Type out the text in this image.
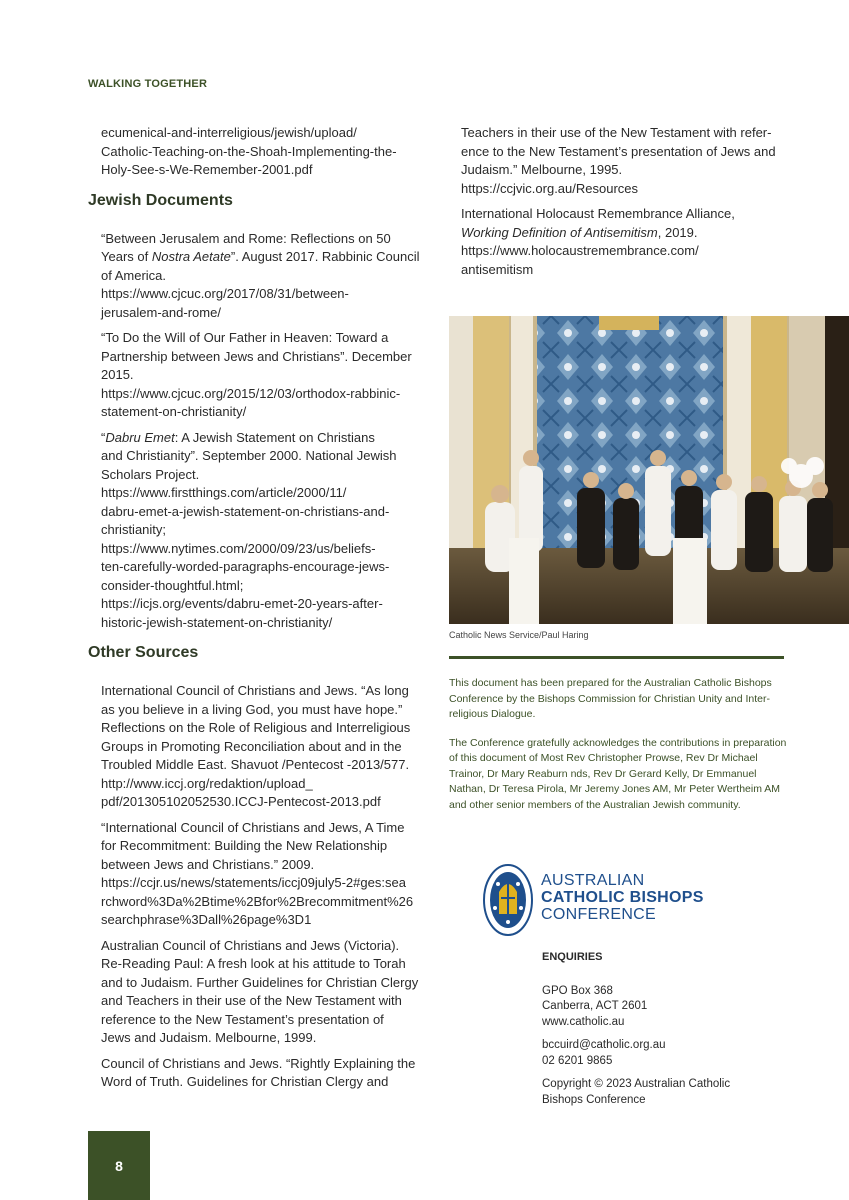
WALKING TOGETHER
ecumenical-and-interreligious/jewish/upload/
Catholic-Teaching-on-the-Shoah-Implementing-the-
Holy-See-s-We-Remember-2001.pdf
Jewish Documents
“Between Jerusalem and Rome: Reflections on 50
Years of Nostra Aetate”. August 2017. Rabbinic Council
of America.
https://www.cjcuc.org/2017/08/31/between-
jerusalem-and-rome/
“To Do the Will of Our Father in Heaven: Toward a
Partnership between Jews and Christians”. December
2015.
https://www.cjcuc.org/2015/12/03/orthodox-rabbinic-
statement-on-christianity/
“Dabru Emet: A Jewish Statement on Christians
and Christianity”. September 2000. National Jewish
Scholars Project.
https://www.firstthings.com/article/2000/11/
dabru-emet-a-jewish-statement-on-christians-and-
christianity;
https://www.nytimes.com/2000/09/23/us/beliefs-
ten-carefully-worded-paragraphs-encourage-jews-
consider-thoughtful.html;
https://icjs.org/events/dabru-emet-20-years-after-
historic-jewish-statement-on-christianity/
Other Sources
International Council of Christians and Jews. “As long
as you believe in a living God, you must have hope.”
Reflections on the Role of Religious and Interreligious
Groups in Promoting Reconciliation about and in the
Troubled Middle East. Shavuot /Pentecost -2013/577.
http://www.iccj.org/redaktion/upload_
pdf/201305102052530.ICCJ-Pentecost-2013.pdf
“International Council of Christians and Jews, A Time
for Recommitment: Building the New Relationship
between Jews and Christians.” 2009.
https://ccjr.us/news/statements/iccj09july5-2#ges:sea
rchword%3Da%2Btime%2Bfor%2Brecommitment%26
searchphrase%3Dall%26page%3D1
Australian Council of Christians and Jews (Victoria).
Re-Reading Paul: A fresh look at his attitude to Torah
and to Judaism. Further Guidelines for Christian Clergy
and Teachers in their use of the New Testament with
reference to the New Testament’s presentation of
Jews and Judaism. Melbourne, 1999.
Council of Christians and Jews. “Rightly Explaining the
Word of Truth. Guidelines for Christian Clergy and
Teachers in their use of the New Testament with refer-
ence to the New Testament’s presentation of Jews and
Judaism.” Melbourne, 1995.
https://ccjvic.org.au/Resources
International Holocaust Remembrance Alliance,
Working Definition of Antisemitism, 2019.
https://www.holocaustremembrance.com/
antisemitism
Catholic News Service/Paul Haring

This document has been prepared for the Australian Catholic Bishops Conference by the Bishops Commission for Christian Unity and Inter-religious Dialogue.

The Conference gratefully acknowledges the contributions in preparation of this document of Most Rev Christopher Prowse, Rev Dr Michael Trainor, Dr Mary Reaburn nds, Rev Dr Gerard Kelly, Dr Emmanuel Nathan, Dr Teresa Pirola, Mr Jeremy Jones AM, Mr Peter Wertheim AM and other senior members of the Australian Jewish community.

AUSTRALIAN
CATHOLIC BISHOPS
CONFERENCE
ENQUIRIES

GPO Box 368
Canberra, ACT 2601
www.catholic.au

bccuird@catholic.org.au
02 6201 9865

Copyright © 2023 Australian Catholic
Bishops Conference

8
